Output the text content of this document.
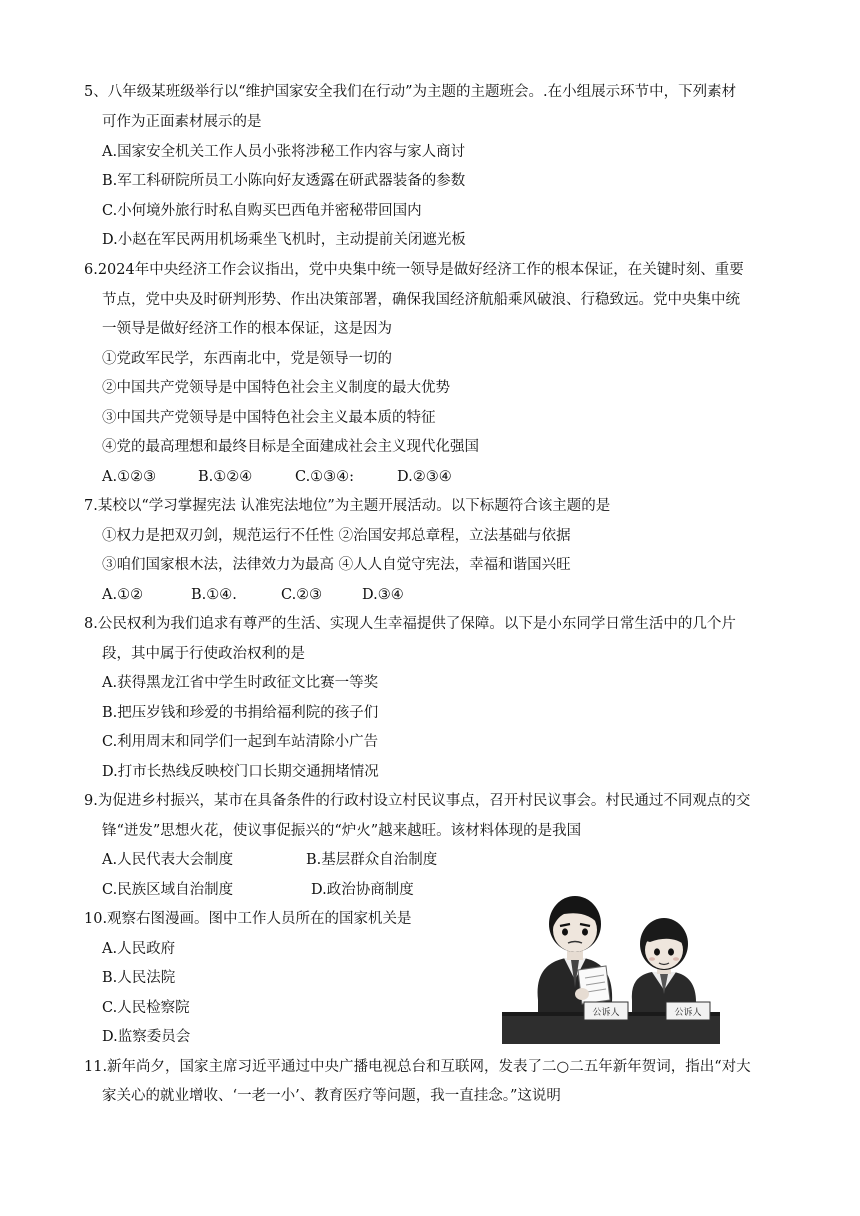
5、八年级某班级举行以“维护国家安全我们在行动”为主题的主题班会。.在小组展示环节中，下列素材
可作为正面素材展示的是
A.国家安全机关工作人员小张将涉秘工作内容与家人商讨
B.军工科研院所员工小陈向好友透露在研武器装备的参数
C.小何境外旅行时私自购买巴西龟并密秘带回国内
D.小赵在军民两用机场乘坐飞机时，主动提前关闭遮光板
6.2024年中央经济工作会议指出，党中央集中统一领导是做好经济工作的根本保证，在关键时刻、重要
节点，党中央及时研判形势、作出决策部署，确保我国经济航船乘风破浪、行稳致远。党中央集中统
一领导是做好经济工作的根本保证，这是因为
①党政军民学，东西南北中，党是领导一切的
②中国共产党领导是中国特色社会主义制度的最大优势
③中国共产党领导是中国特色社会主义最本质的特征
④党的最高理想和最终目标是全面建成社会主义现代化强国
A.①②③	B.①②④	C.①③④:	D.②③④
7.某校以“学习掌握宪法 认准宪法地位”为主题开展活动。以下标题符合该主题的是
①权力是把双刃剑，规范运行不任性 ②治国安邦总章程，立法基础与依据
③咱们国家根木法，法律效力为最高 ④人人自觉守宪法，幸福和谐国兴旺
A.①②	B.①④.	C.②③	D.③④
8.公民权利为我们追求有尊严的生活、实现人生幸福提供了保障。以下是小东同学日常生活中的几个片
段，其中属于行使政治权利的是
A.获得黑龙江省中学生时政征文比赛一等奖
B.把压岁钱和珍爱的书捐给福利院的孩子们
C.利用周末和同学们一起到车站清除小广告
D.打市长热线反映校门口长期交通拥堵情况
9.为促进乡村振兴，某市在具备条件的行政村设立村民议事点，召开村民议事会。村民通过不同观点的交
锋“迸发”思想火花，使议事促振兴的“炉火”越来越旺。该材料体现的是我国
A.人民代表大会制度	B.基层群众自治制度
C.民族区域自治制度	D.政治协商制度
10.观察右图漫画。图中工作人员所在的国家机关是
A.人民政府
B.人民法院
C.人民检察院
D.监察委员会
公诉人	公诉人
11.新年尚夕，国家主席习近平通过中央广播电视总台和互联网，发表了二○二五年新年贺词，指出“对大
家关心的就业增收、‘一老一小’、教育医疗等问题，我一直挂念。”这说明
